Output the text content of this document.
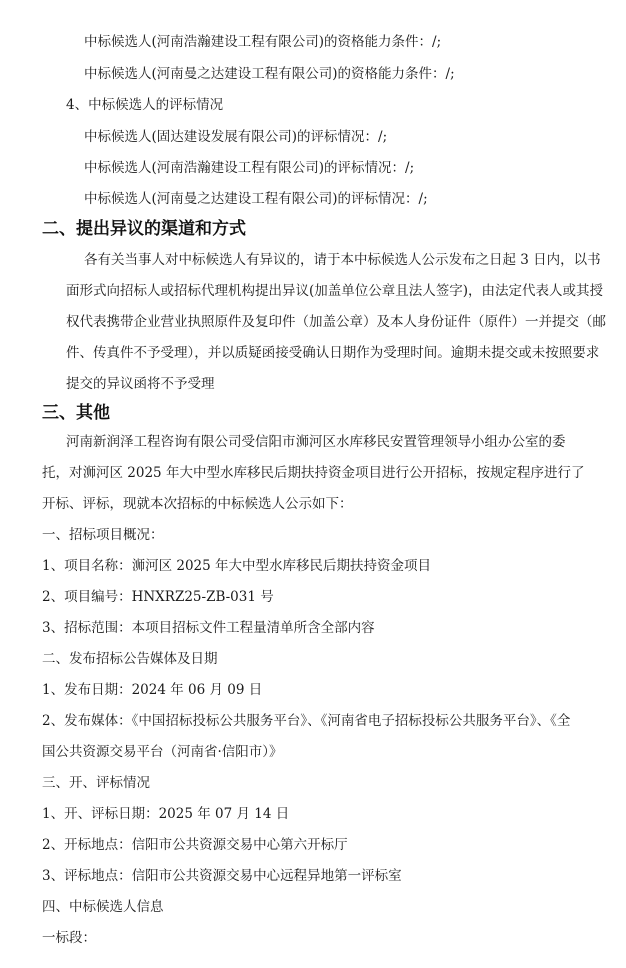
中标候选人(河南浩瀚建设工程有限公司)的资格能力条件：/;
中标候选人(河南曼之达建设工程有限公司)的资格能力条件：/;
4、中标候选人的评标情况
中标候选人(固达建设发展有限公司)的评标情况：/;
中标候选人(河南浩瀚建设工程有限公司)的评标情况：/;
中标候选人(河南曼之达建设工程有限公司)的评标情况：/;
二、提出异议的渠道和方式
各有关当事人对中标候选人有异议的，请于本中标候选人公示发布之日起 3 日内，以书
面形式向招标人或招标代理机构提出异议(加盖单位公章且法人签字)，由法定代表人或其授
权代表携带企业营业执照原件及复印件（加盖公章）及本人身份证件（原件）一并提交（邮
件、传真件不予受理），并以质疑函接受确认日期作为受理时间。逾期未提交或未按照要求
提交的异议函将不予受理
三、其他
河南新润泽工程咨询有限公司受信阳市浉河区水库移民安置管理领导小组办公室的委
托，对浉河区 2025 年大中型水库移民后期扶持资金项目进行公开招标，按规定程序进行了
开标、评标，现就本次招标的中标候选人公示如下：
一、招标项目概况：
1、项目名称：浉河区 2025 年大中型水库移民后期扶持资金项目
2、项目编号：HNXRZ25-ZB-031 号
3、招标范围：本项目招标文件工程量清单所含全部内容
二、发布招标公告媒体及日期
1、发布日期：2024 年 06 月 09 日
2、发布媒体：《中国招标投标公共服务平台》、《河南省电子招标投标公共服务平台》、《全
国公共资源交易平台（河南省·信阳市）》
三、开、评标情况
1、开、评标日期：2025 年 07 月 14 日
2、开标地点：信阳市公共资源交易中心第六开标厅
3、评标地点：信阳市公共资源交易中心远程异地第一评标室
四、中标候选人信息
一标段：
